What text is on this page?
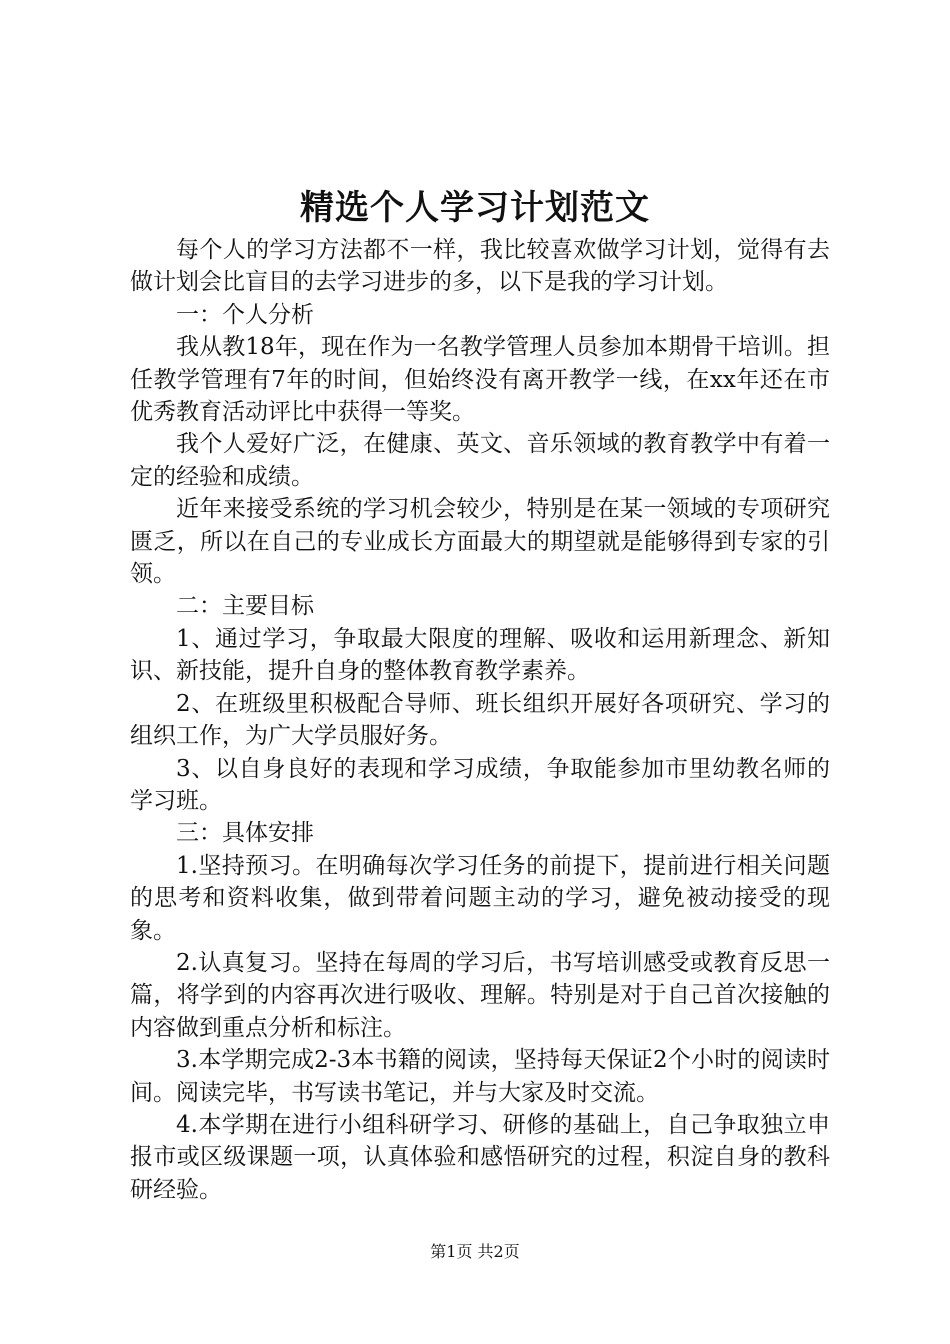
精选个人学习计划范文

每个人的学习方法都不一样，我比较喜欢做学习计划，觉得有去做计划会比盲目的去学习进步的多，以下是我的学习计划。

一：个人分析

我从教18年，现在作为一名教学管理人员参加本期骨干培训。担任教学管理有7年的时间，但始终没有离开教学一线，在xx年还在市优秀教育活动评比中获得一等奖。

我个人爱好广泛，在健康、英文、音乐领域的教育教学中有着一定的经验和成绩。

近年来接受系统的学习机会较少，特别是在某一领域的专项研究匮乏，所以在自己的专业成长方面最大的期望就是能够得到专家的引领。

二：主要目标

1、通过学习，争取最大限度的理解、吸收和运用新理念、新知识、新技能，提升自身的整体教育教学素养。

2、在班级里积极配合导师、班长组织开展好各项研究、学习的组织工作，为广大学员服好务。

3、以自身良好的表现和学习成绩，争取能参加市里幼教名师的学习班。

三：具体安排

1.坚持预习。在明确每次学习任务的前提下，提前进行相关问题的思考和资料收集，做到带着问题主动的学习，避免被动接受的现象。

2.认真复习。坚持在每周的学习后，书写培训感受或教育反思一篇，将学到的内容再次进行吸收、理解。特别是对于自己首次接触的内容做到重点分析和标注。

3.本学期完成2-3本书籍的阅读，坚持每天保证2个小时的阅读时间。阅读完毕，书写读书笔记，并与大家及时交流。

4.本学期在进行小组科研学习、研修的基础上，自己争取独立申报市或区级课题一项，认真体验和感悟研究的过程，积淀自身的教科研经验。

第1页 共2页
